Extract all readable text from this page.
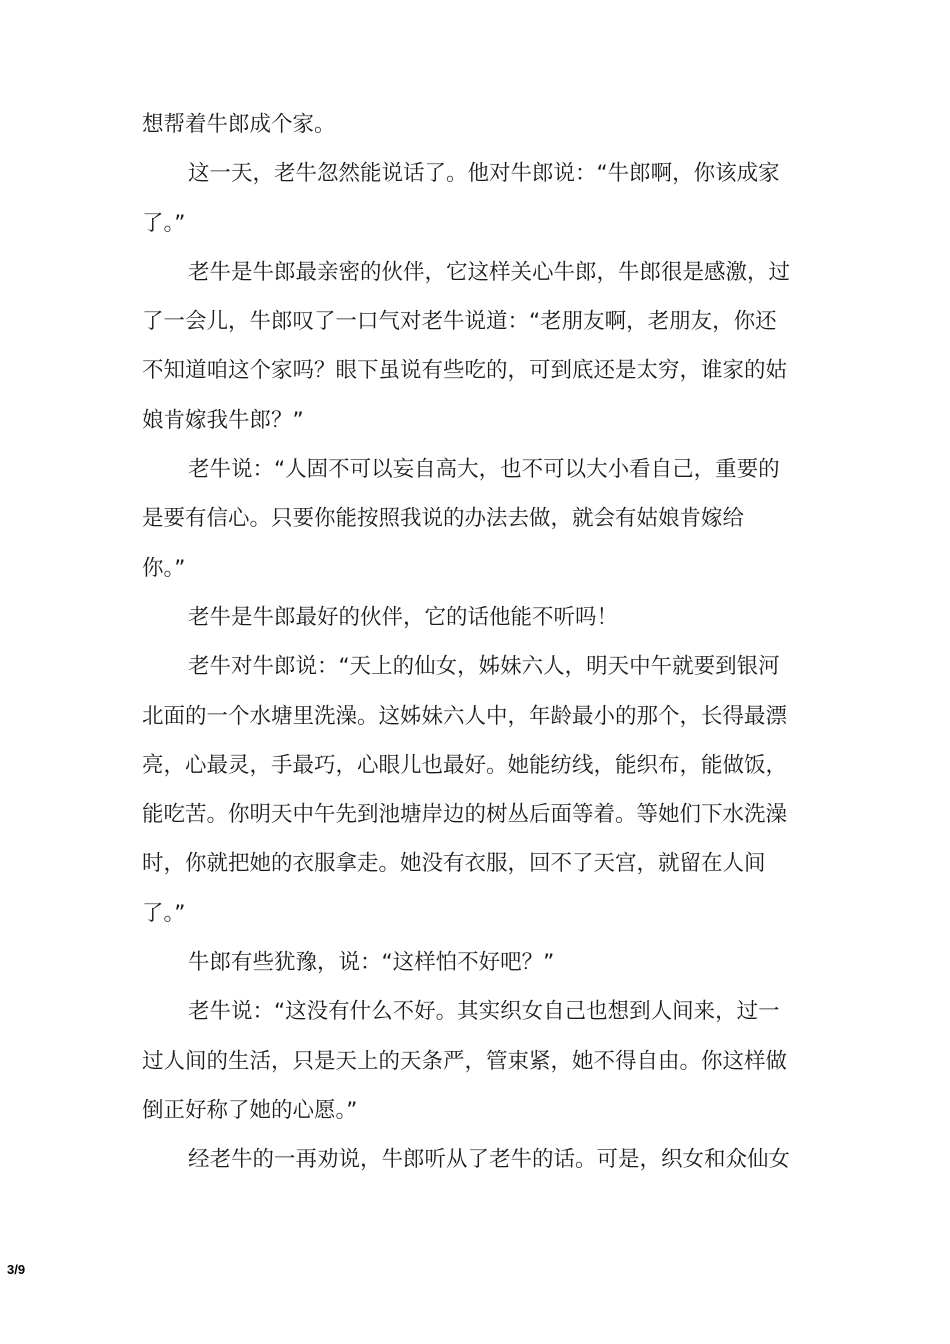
想帮着牛郎成个家。
这一天，老牛忽然能说话了。他对牛郎说：“牛郎啊，你该成家
了。”
老牛是牛郎最亲密的伙伴，它这样关心牛郎，牛郎很是感激，过
了一会儿，牛郎叹了一口气对老牛说道：“老朋友啊，老朋友，你还
不知道咱这个家吗？眼下虽说有些吃的，可到底还是太穷，谁家的姑
娘肯嫁我牛郎？”
老牛说：“人固不可以妄自高大，也不可以大小看自己，重要的
是要有信心。只要你能按照我说的办法去做，就会有姑娘肯嫁给
你。”
老牛是牛郎最好的伙伴，它的话他能不听吗！
老牛对牛郎说：“天上的仙女，姊妹六人，明天中午就要到银河
北面的一个水塘里洗澡。这姊妹六人中，年龄最小的那个，长得最漂
亮，心最灵，手最巧，心眼儿也最好。她能纺线，能织布，能做饭，
能吃苦。你明天中午先到池塘岸边的树丛后面等着。等她们下水洗澡
时，你就把她的衣服拿走。她没有衣服，回不了天宫，就留在人间
了。”
牛郎有些犹豫，说：“这样怕不好吧？”
老牛说：“这没有什么不好。其实织女自己也想到人间来，过一
过人间的生活，只是天上的天条严，管束紧，她不得自由。你这样做
倒正好称了她的心愿。”
经老牛的一再劝说，牛郎听从了老牛的话。可是，织女和众仙女
3/9
